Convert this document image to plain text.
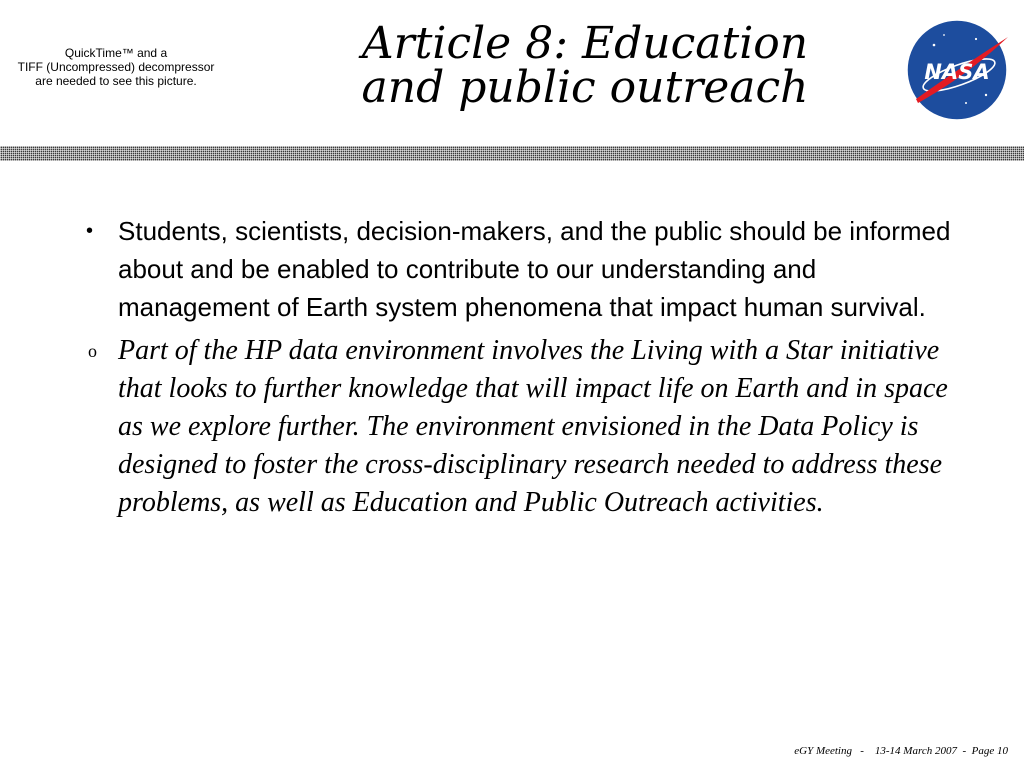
QuickTime™ and a
TIFF (Uncompressed) decompressor
are needed to see this picture.
Article 8: Education
and public outreach	NASA
• Students, scientists, decision-makers, and the public should be informed about and be enabled to contribute to our understanding and management of Earth system phenomena that impact human survival.
o Part of the HP data environment involves the Living with a Star initiative that looks to further knowledge that will impact life on Earth and in space as we explore further. The environment envisioned in the Data Policy is designed to foster the cross-disciplinary research needed to address these problems, as well as Education and Public Outreach activities.
eGY Meeting   -    13-14 March 2007  -  Page 10
